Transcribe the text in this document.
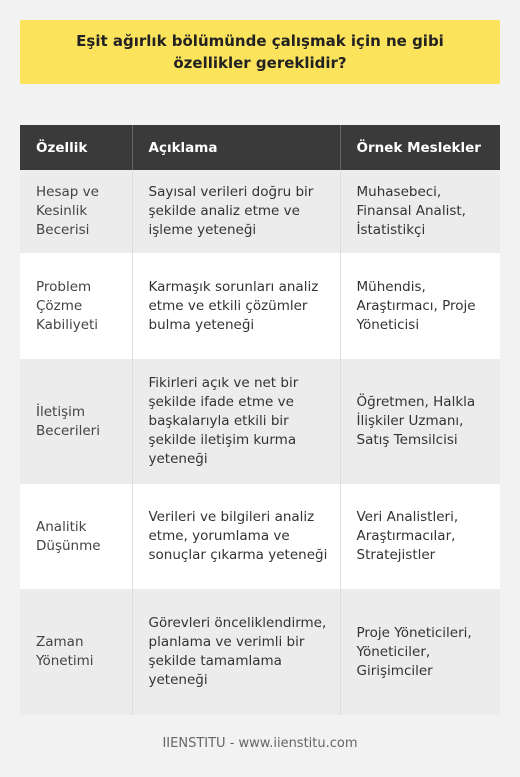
Eşit ağırlık bölümünde çalışmak için ne gibi özellikler gereklidir?
Özellik	Açıklama	Örnek Meslekler
Hesap ve Kesinlik Becerisi	Sayısal verileri doğru bir şekilde analiz etme ve işleme yeteneği	Muhasebeci, Finansal Analist, İstatistikçi
Problem Çözme Kabiliyeti	Karmaşık sorunları analiz etme ve etkili çözümler bulma yeteneği	Mühendis, Araştırmacı, Proje Yöneticisi
İletişim Becerileri	Fikirleri açık ve net bir şekilde ifade etme ve başkalarıyla etkili bir şekilde iletişim kurma yeteneği	Öğretmen, Halkla İlişkiler Uzmanı, Satış Temsilcisi
Analitik Düşünme	Verileri ve bilgileri analiz etme, yorumlama ve sonuçlar çıkarma yeteneği	Veri Analistleri, Araştırmacılar, Stratejistler
Zaman Yönetimi	Görevleri önceliklendirme, planlama ve verimli bir şekilde tamamlama yeteneği	Proje Yöneticileri, Yöneticiler, Girişimciler
IIENSTITU - www.iienstitu.com
